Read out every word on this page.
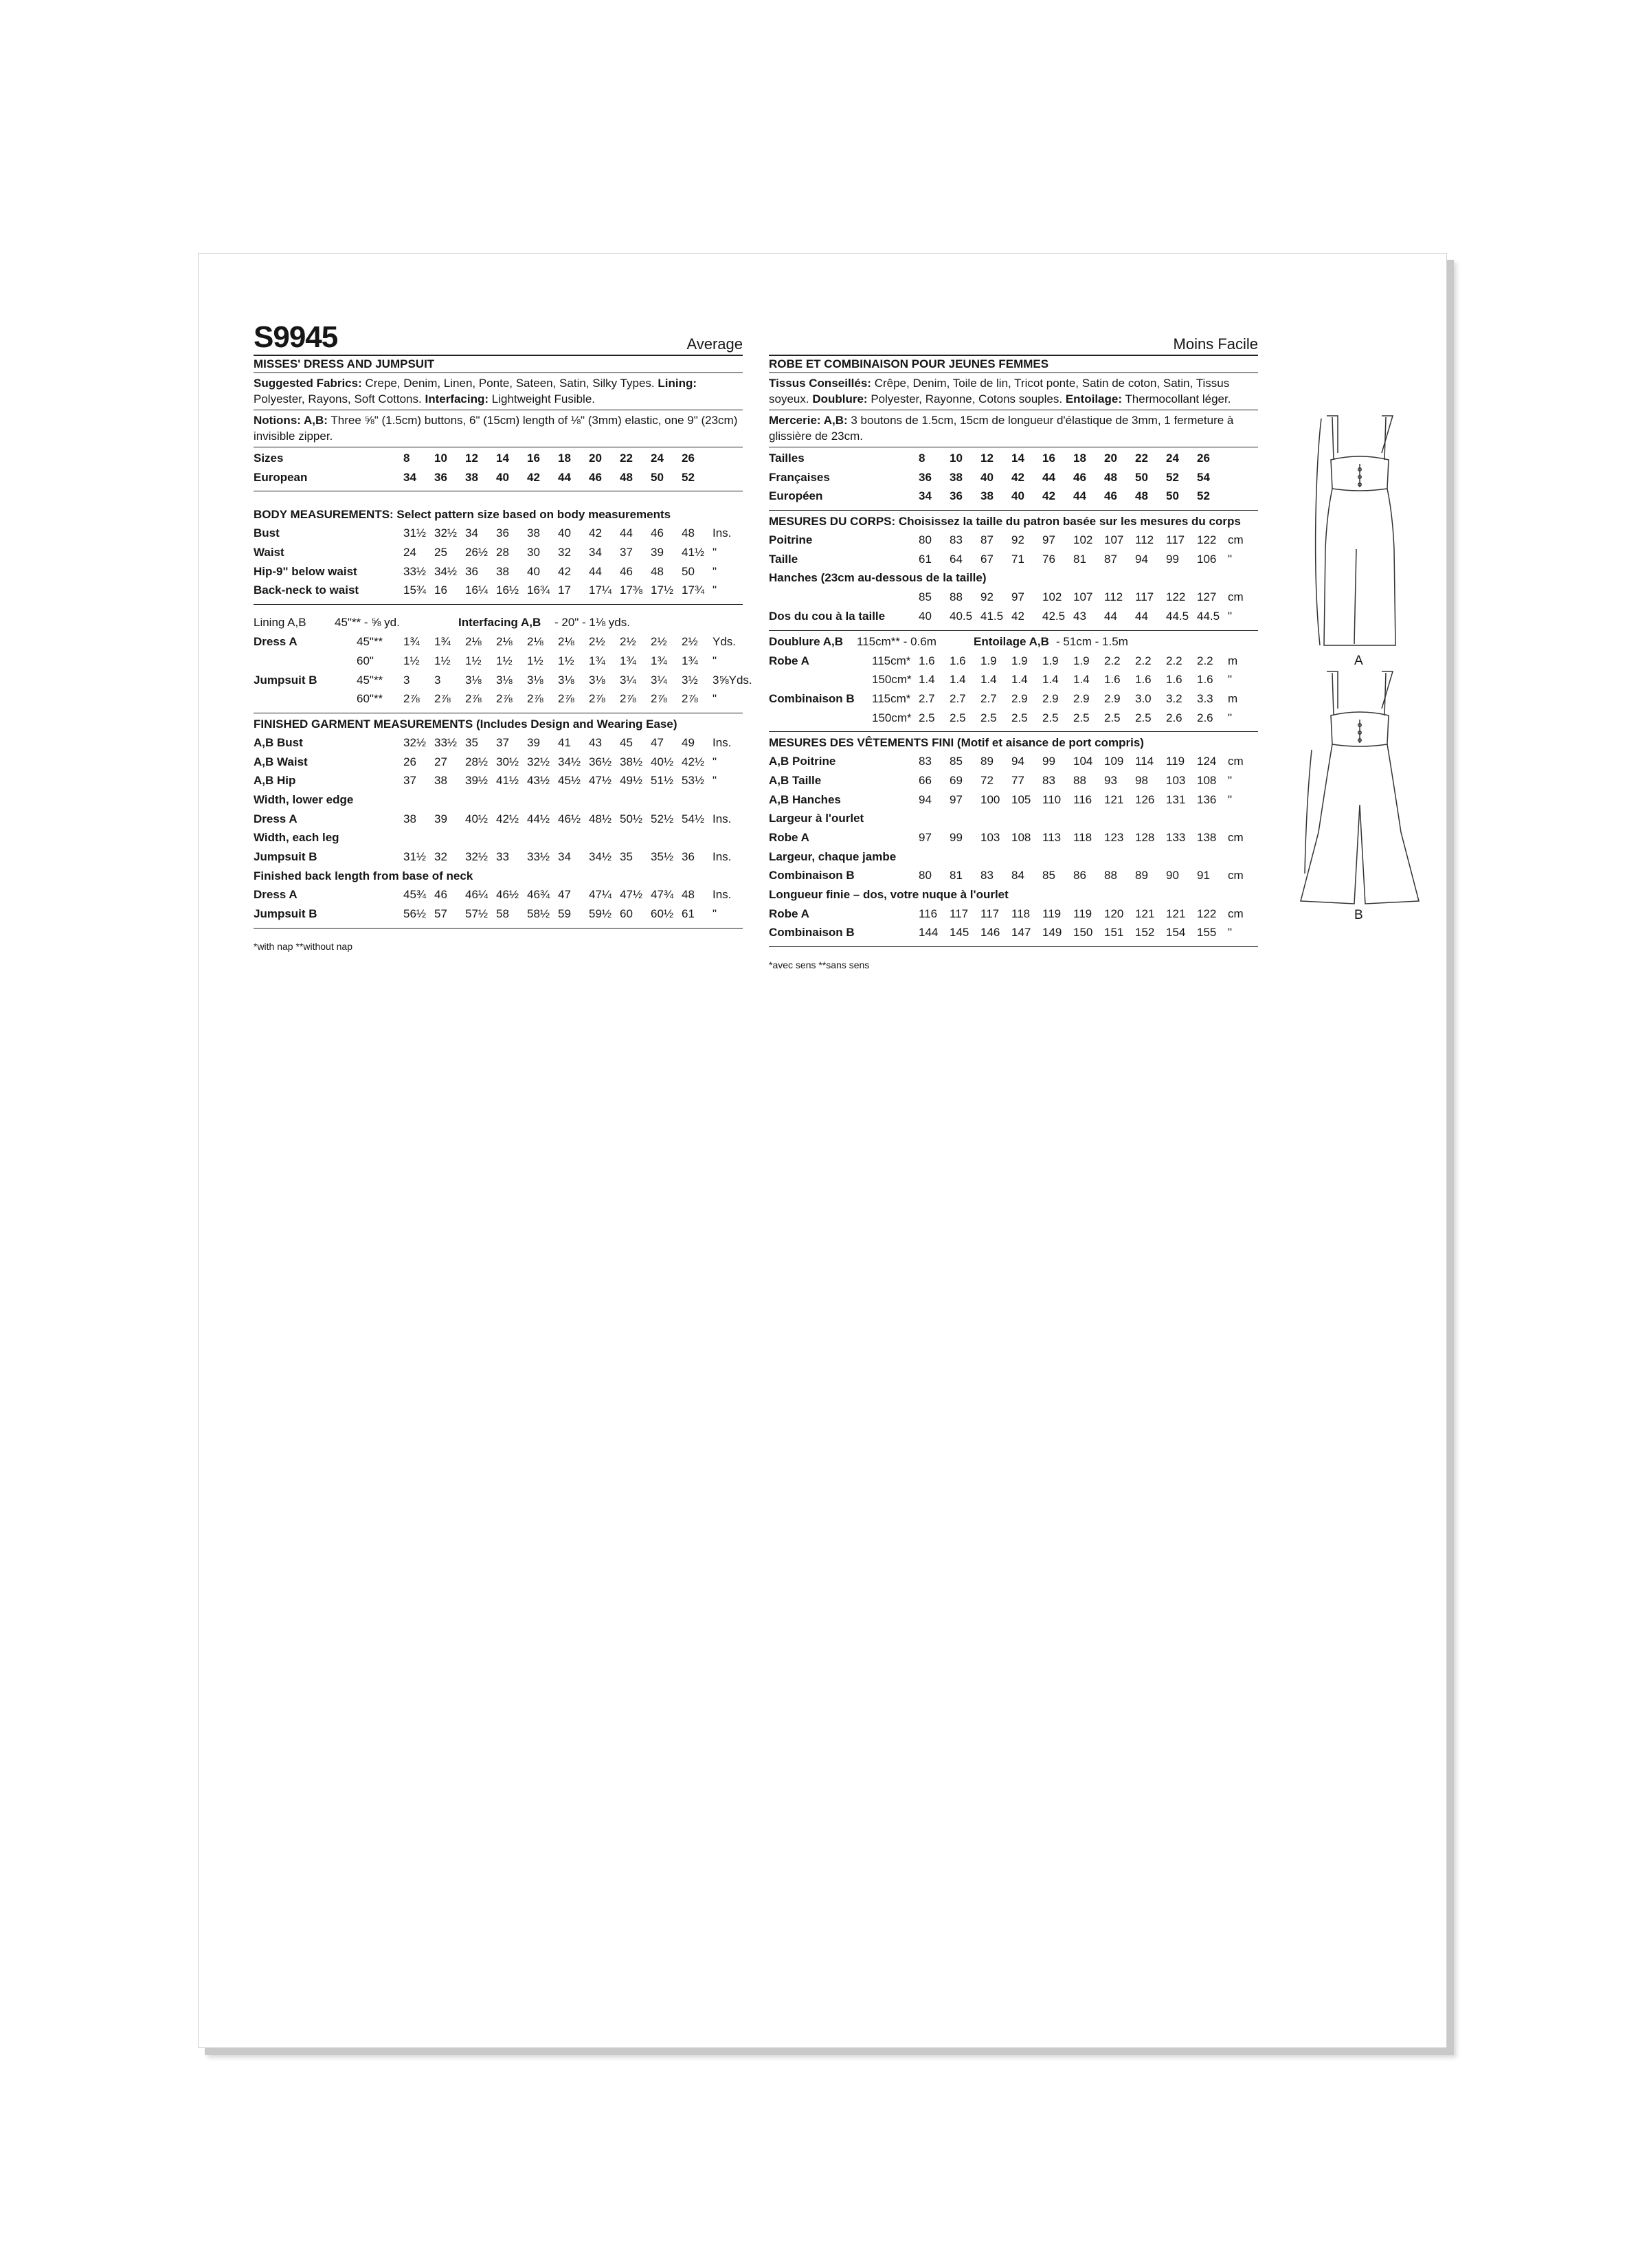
S9945	Average
MISSES' DRESS AND JUMPSUIT
Suggested Fabrics: Crepe, Denim, Linen, Ponte, Sateen, Satin, Silky Types. Lining: Polyester, Rayons, Soft Cottons. Interfacing: Lightweight Fusible.
Notions: A,B: Three ⅝" (1.5cm) buttons, 6" (15cm) length of ⅛" (3mm) elastic, one 9" (23cm) invisible zipper.
Sizes	8 10 12 14 16 18 20 22 24 26
European	34 36 38 40 42 44 46 48 50 52
BODY MEASUREMENTS: Select pattern size based on body measurements
Bust	31½ 32½ 34 36 38 40 42 44 46 48 Ins.
Waist	24 25 26½ 28 30 32 34 37 39 41½ "
Hip-9" below waist	33½ 34½ 36 38 40 42 44 46 48 50 "
Back-neck to waist	15¾ 16 16¼ 16½ 16¾ 17 17¼ 17⅜ 17½ 17¾ "
Lining A,B 45"** - ⅝ yd.	Interfacing A,B - 20" - 1⅛ yds.
Dress A	45"** 1¾ 1¾ 2⅛ 2⅛ 2⅛ 2⅛ 2½ 2½ 2½ 2½ Yds.
60"	1½ 1½ 1½ 1½ 1½ 1½ 1¾ 1¾ 1¾ 1¾ "
Jumpsuit B	45"** 3 3 3⅛ 3⅛ 3⅛ 3⅛ 3⅛ 3¼ 3¼ 3½ 3⅝Yds.
60"** 2⅞ 2⅞ 2⅞ 2⅞ 2⅞ 2⅞ 2⅞ 2⅞ 2⅞ 2⅞ "
FINISHED GARMENT MEASUREMENTS (Includes Design and Wearing Ease)
A,B Bust	32½ 33½ 35 37 39 41 43 45 47 49 Ins.
A,B Waist	26 27 28½ 30½ 32½ 34½ 36½ 38½ 40½ 42½ "
A,B Hip	37 38 39½ 41½ 43½ 45½ 47½ 49½ 51½ 53½ "
Width, lower edge
Dress A	38 39 40½ 42½ 44½ 46½ 48½ 50½ 52½ 54½ Ins.
Width, each leg
Jumpsuit B	31½ 32 32½ 33 33½ 34 34½ 35 35½ 36 Ins.
Finished back length from base of neck
Dress A	45¾ 46 46¼ 46½ 46¾ 47 47¼ 47½ 47¾ 48 Ins.
Jumpsuit B	56½ 57 57½ 58 58½ 59 59½ 60 60½ 61 "
*with nap **without nap
Moins Facile
ROBE ET COMBINAISON POUR JEUNES FEMMES
Tissus Conseillés: Crêpe, Denim, Toile de lin, Tricot ponte, Satin de coton, Satin, Tissus soyeux. Doublure: Polyester, Rayonne, Cotons souples. Entoilage: Thermocollant léger.
Mercerie: A,B: 3 boutons de 1.5cm, 15cm de longueur d'élastique de 3mm, 1 fermeture à glissière de 23cm.
Tailles	8 10 12 14 16 18 20 22 24 26
Françaises	36 38 40 42 44 46 48 50 52 54
Européen	34 36 38 40 42 44 46 48 50 52
MESURES DU CORPS: Choisissez la taille du patron basée sur les mesures du corps
Poitrine	80 83 87 92 97 102 107 112 117 122 cm
Taille	61 64 67 71 76 81 87 94 99 106 "
Hanches (23cm au-dessous de la taille)
85 88 92 97 102 107 112 117 122 127 cm
Dos du cou à la taille	40 40.5 41.5 42 42.5 43 44 44 44.5 44.5 "
Doublure A,B 115cm** - 0.6m	Entoilage A,B - 51cm - 1.5m
Robe A	115cm* 1.6 1.6 1.9 1.9 1.9 1.9 2.2 2.2 2.2 2.2 m
150cm* 1.4 1.4 1.4 1.4 1.4 1.4 1.6 1.6 1.6 1.6 "
Combinaison B 115cm* 2.7 2.7 2.7 2.9 2.9 2.9 2.9 3.0 3.2 3.3 m
150cm* 2.5 2.5 2.5 2.5 2.5 2.5 2.5 2.5 2.6 2.6 "
MESURES DES VÊTEMENTS FINI (Motif et aisance de port compris)
A,B Poitrine	83 85 89 94 99 104 109 114 119 124 cm
A,B Taille	66 69 72 77 83 88 93 98 103 108 "
A,B Hanches	94 97 100 105 110 116 121 126 131 136 "
Largeur à l'ourlet
Robe A	97 99 103 108 113 118 123 128 133 138 cm
Largeur, chaque jambe
Combinaison B	80 81 83 84 85 86 88 89 90 91 cm
Longueur finie – dos, votre nuque à l'ourlet
Robe A	116 117 117 118 119 119 120 121 121 122 cm
Combinaison B	144 145 146 147 149 150 151 152 154 155 "
*avec sens **sans sens
A
B
